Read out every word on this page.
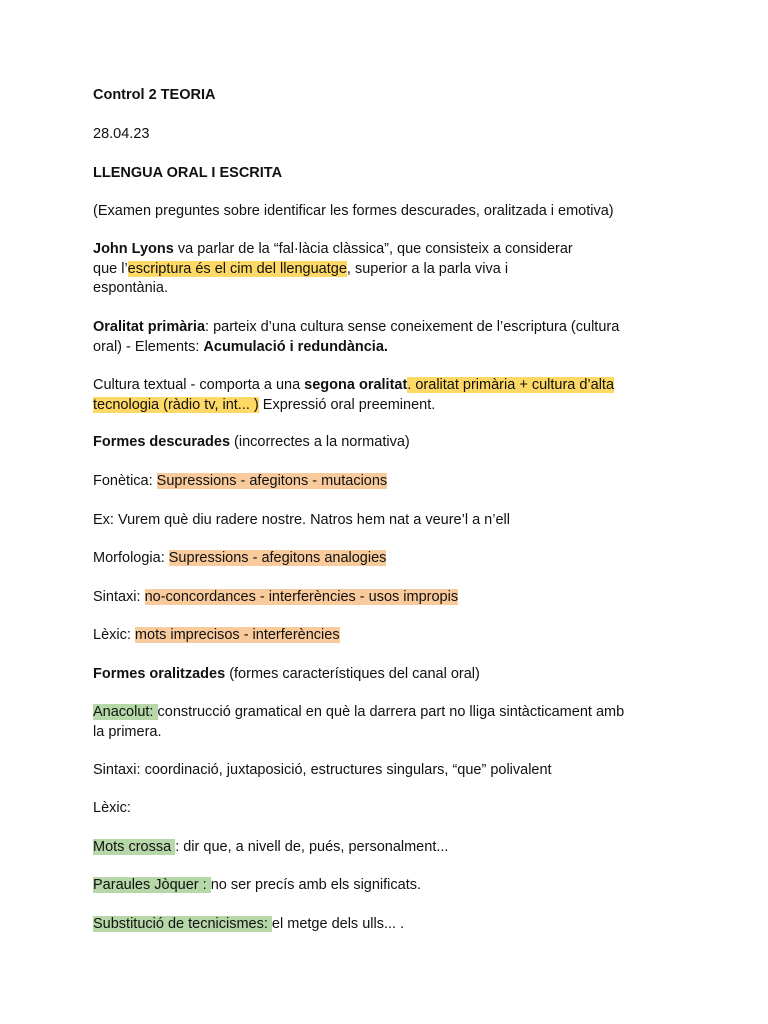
Control 2 TEORIA
28.04.23
LLENGUA ORAL I ESCRITA
(Examen preguntes sobre identificar les formes descurades, oralitzada i emotiva)
John Lyons va parlar de la “fal·làcia clàssica”, que consisteix a considerar
que l’escriptura és el cim del llenguatge, superior a la parla viva i
espontània.
Oralitat primària: parteix d’una cultura sense coneixement de l’escriptura (cultura
oral) - Elements: Acumulació i redundància.
Cultura textual - comporta a una segona oralitat. oralitat primària + cultura d’alta
tecnologia (ràdio tv, int... ) Expressió oral preeminent.
Formes descurades (incorrectes a la normativa)
Fonètica: Supressions - afegitons - mutacions
Ex: Vurem què diu radere nostre. Natros hem nat a veure’l a n’ell
Morfologia: Supressions - afegitons analogies
Sintaxi: no-concordances - interferències - usos impropis
Lèxic: mots imprecisos - interferències
Formes oralitzades (formes característiques del canal oral)
Anacolut: construcció gramatical en què la darrera part no lliga sintàcticament amb
la primera.
Sintaxi: coordinació, juxtaposició, estructures singulars, “que” polivalent
Lèxic:
Mots crossa : dir que, a nivell de, pués, personalment...
Paraules Jòquer : no ser precís amb els significats.
Substitució de tecnicismes: el metge dels ulls... .
